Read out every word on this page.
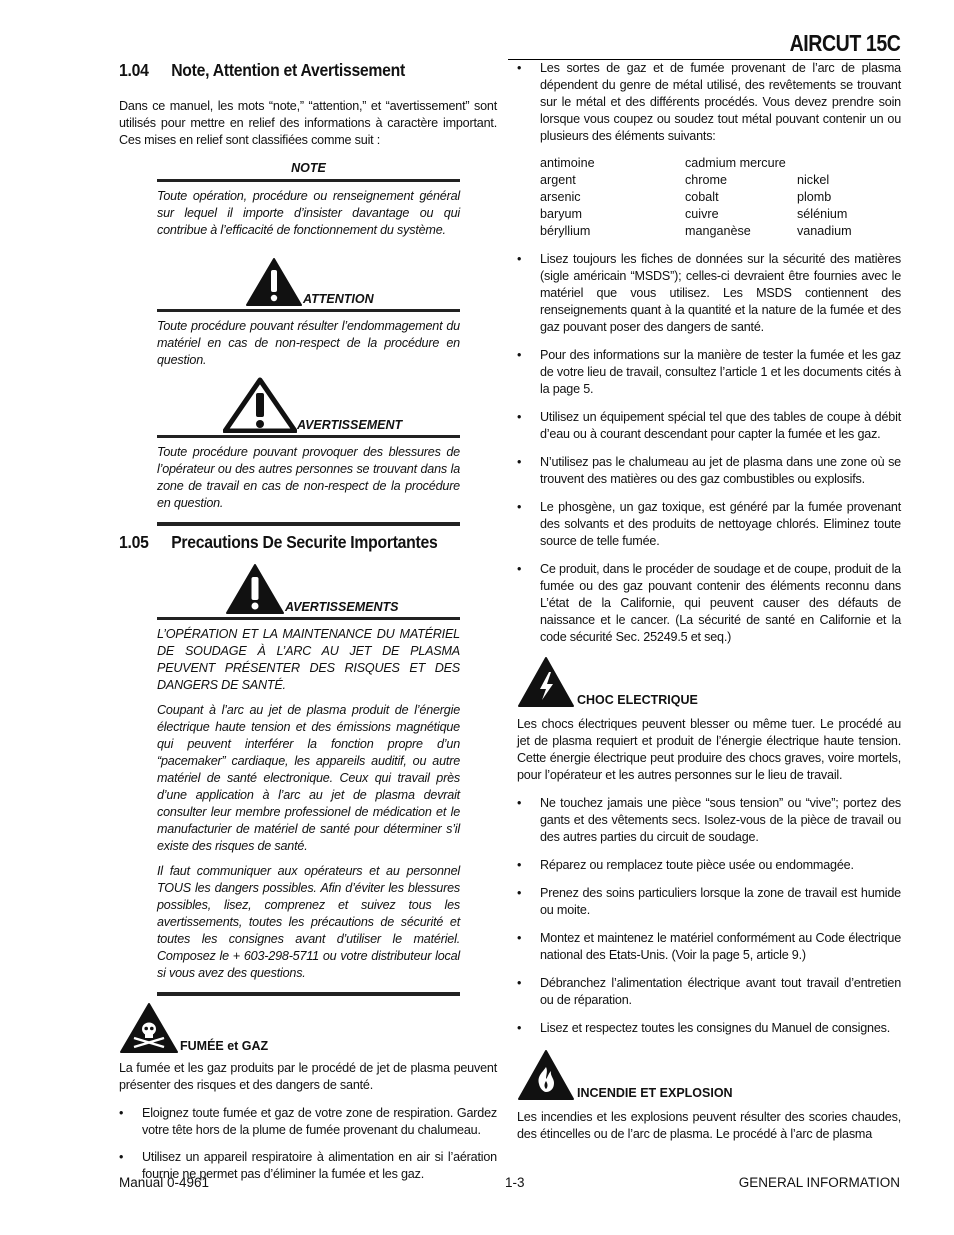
AIRCUT 15C
1.04 Note, Attention et Avertissement

Dans ce manuel, les mots “note,” “attention,” et “avertissement” sont utilisés pour mettre en relief des informations à caractère important. Ces mises en relief sont classifiées comme suit :

NOTE

Toute opération, procédure ou renseignement général sur lequel il importe d’insister davantage ou qui contribue à l’efficacité de fonctionnement du système.

ATTENTION

Toute procédure pouvant résulter l’endommagement du matériel en cas de non-respect de la procédure en question.

AVERTISSEMENT

Toute procédure pouvant provoquer des blessures de l’opérateur ou des autres personnes se trouvant dans la zone de travail en cas de non-respect de la procédure en question.

1.05 Precautions De Securite Importantes
AVERTISSEMENTS

L’OPÉRATION ET LA MAINTENANCE DU MATÉRIEL DE SOUDAGE À L’ARC AU JET DE PLASMA PEUVENT PRÉSENTER DES RISQUES ET DES DANGERS DE SANTÉ.

Coupant à l’arc au jet de plasma produit de l’énergie électrique haute tension et des émissions magnétique qui peuvent interférer la fonction propre d’un “pacemaker” cardiaque, les appareils auditif, ou autre matériel de santé electronique. Ceux qui travail près d’une application à l’arc au jet de plasma devrait consulter leur membre professionel de médication et le manufacturier de matériel de santé pour déterminer s’il existe des risques de santé.

Il faut communiquer aux opérateurs et au personnel TOUS les dangers possibles. Afin d’éviter les blessures possibles, lisez, comprenez et suivez tous les avertissements, toutes les précautions de sécurité et toutes les consignes avant d’utiliser le matériel. Composez le + 603-298-5711 ou votre distributeur local si vous avez des questions.

FUMÉE et GAZ

La fumée et les gaz produits par le procédé de jet de plasma peuvent présenter des risques et des dangers de santé.

• Eloignez toute fumée et gaz de votre zone de respiration. Gardez votre tête hors de la plume de fumée provenant du chalumeau.
• Utilisez un appareil respiratoire à alimentation en air si l’aération fournie ne permet pas d’éliminer la fumée et les gaz.
• Les sortes de gaz et de fumée provenant de l’arc de plasma dépendent du genre de métal utilisé, des revêtements se trouvant sur le métal et des différents procédés. Vous devez prendre soin lorsque vous coupez ou soudez tout métal pouvant contenir un ou plusieurs des éléments suivants:
antimoine	cadmium mercure
argent	chrome	nickel
arsenic	cobalt	plomb
baryum	cuivre	sélénium
béryllium	manganèse	vanadium
• Lisez toujours les fiches de données sur la sécurité des matières (sigle américain “MSDS”); celles-ci devraient être fournies avec le matériel que vous utilisez. Les MSDS contiennent des renseignements quant à la quantité et la nature de la fumée et des gaz pouvant poser des dangers de santé.
• Pour des informations sur la manière de tester la fumée et les gaz de votre lieu de travail, consultez l’article 1 et les documents cités à la page 5.
• Utilisez un équipement spécial tel que des tables de coupe à débit d’eau ou à courant descendant pour capter la fumée et les gaz.
• N’utilisez pas le chalumeau au jet de plasma dans une zone où se trouvent des matières ou des gaz combustibles ou explosifs.
• Le phosgène, un gaz toxique, est généré par la fumée provenant des solvants et des produits de nettoyage chlorés. Eliminez toute source de telle fumée.
• Ce produit, dans le procéder de soudage et de coupe, produit de la fumée ou des gaz pouvant contenir des éléments reconnu dans L’état de la Californie, qui peuvent causer des défauts de naissance et le cancer. (La sécurité de santé en Californie et la code sécurité Sec. 25249.5 et seq.)
CHOC ELECTRIQUE

Les chocs électriques peuvent blesser ou même tuer. Le procédé au jet de plasma requiert et produit de l’énergie électrique haute tension. Cette énergie électrique peut produire des chocs graves, voire mortels, pour l’opérateur et les autres personnes sur le lieu de travail.

• Ne touchez jamais une pièce “sous tension” ou “vive”; portez des gants et des vêtements secs. Isolez-vous de la pièce de travail ou des autres parties du circuit de soudage.
• Réparez ou remplacez toute pièce usée ou endommagée.
• Prenez des soins particuliers lorsque la zone de travail est humide ou moite.
• Montez et maintenez le matériel conformément au Code électrique national des Etats-Unis. (Voir la page 5, article 9.)
• Débranchez l’alimentation électrique avant tout travail d’entretien ou de réparation.
• Lisez et respectez toutes les consignes du Manuel de consignes.
INCENDIE ET EXPLOSION

Les incendies et les explosions peuvent résulter des scories chaudes, des étincelles ou de l’arc de plasma. Le procédé à l’arc de plasma

Manual 0-4961	1-3	GENERAL INFORMATION
